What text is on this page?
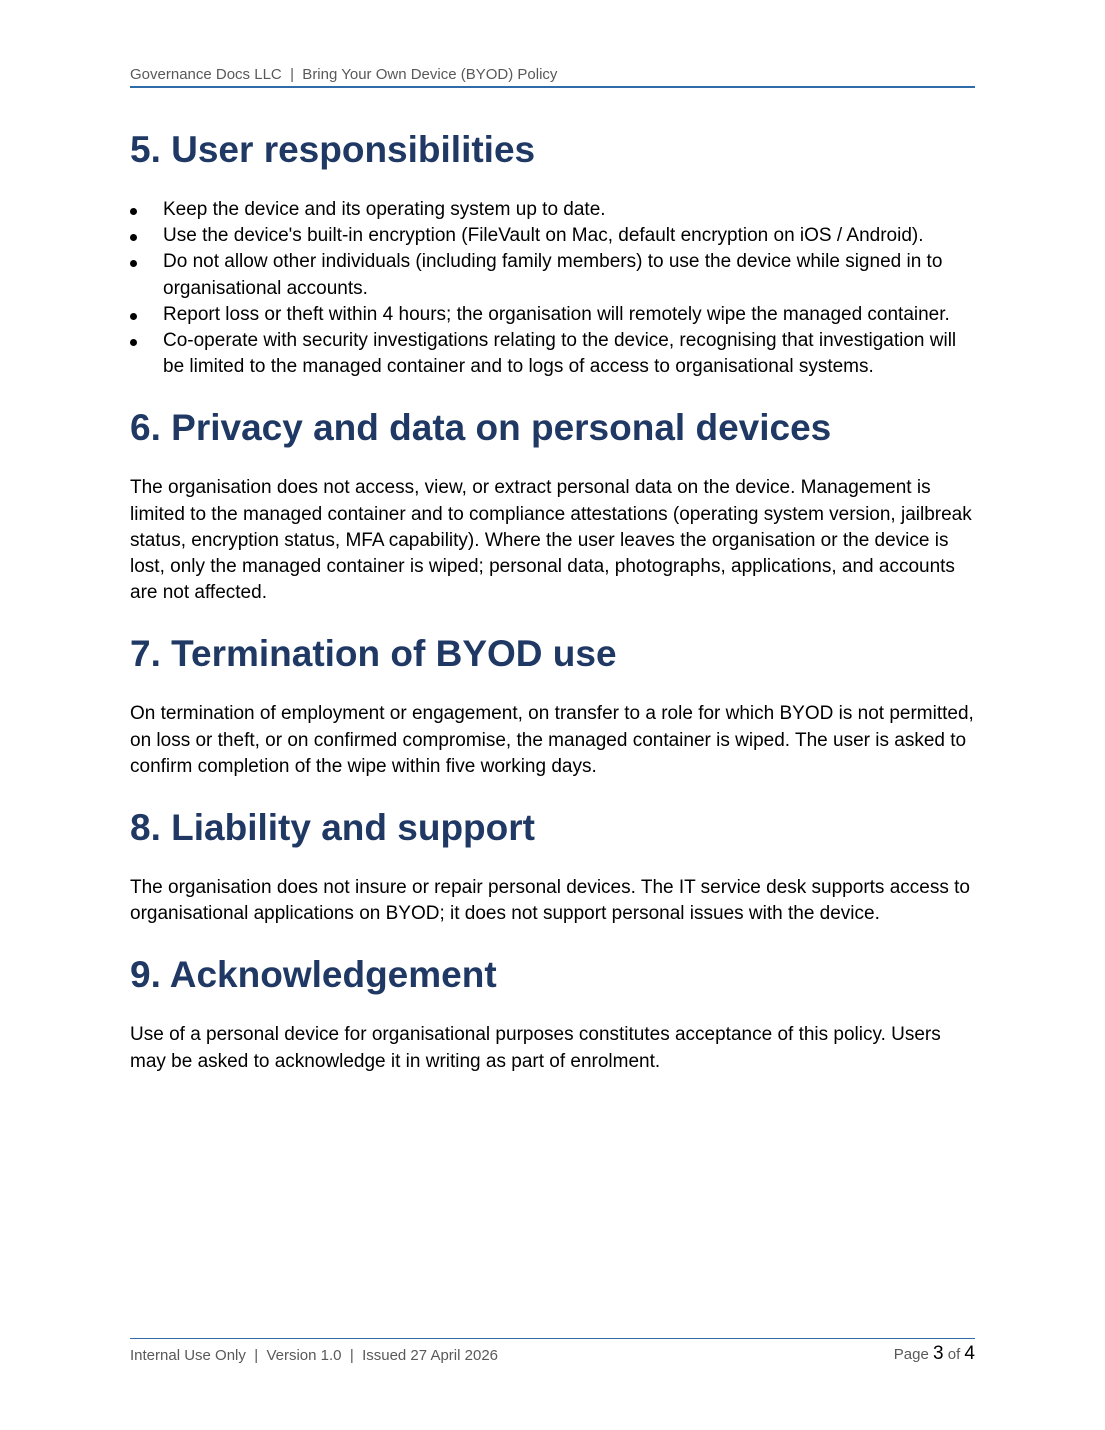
Governance Docs LLC  |  Bring Your Own Device (BYOD) Policy
5. User responsibilities
Keep the device and its operating system up to date.
Use the device's built-in encryption (FileVault on Mac, default encryption on iOS / Android).
Do not allow other individuals (including family members) to use the device while signed in to organisational accounts.
Report loss or theft within 4 hours; the organisation will remotely wipe the managed container.
Co-operate with security investigations relating to the device, recognising that investigation will be limited to the managed container and to logs of access to organisational systems.
6. Privacy and data on personal devices

The organisation does not access, view, or extract personal data on the device. Management is limited to the managed container and to compliance attestations (operating system version, jailbreak status, encryption status, MFA capability). Where the user leaves the organisation or the device is lost, only the managed container is wiped; personal data, photographs, applications, and accounts are not affected.

7. Termination of BYOD use

On termination of employment or engagement, on transfer to a role for which BYOD is not permitted, on loss or theft, or on confirmed compromise, the managed container is wiped. The user is asked to confirm completion of the wipe within five working days.

8. Liability and support

The organisation does not insure or repair personal devices. The IT service desk supports access to organisational applications on BYOD; it does not support personal issues with the device.

9. Acknowledgement

Use of a personal device for organisational purposes constitutes acceptance of this policy. Users may be asked to acknowledge it in writing as part of enrolment.

Internal Use Only  |  Version 1.0  |  Issued 27 April 2026	Page 3 of 4
